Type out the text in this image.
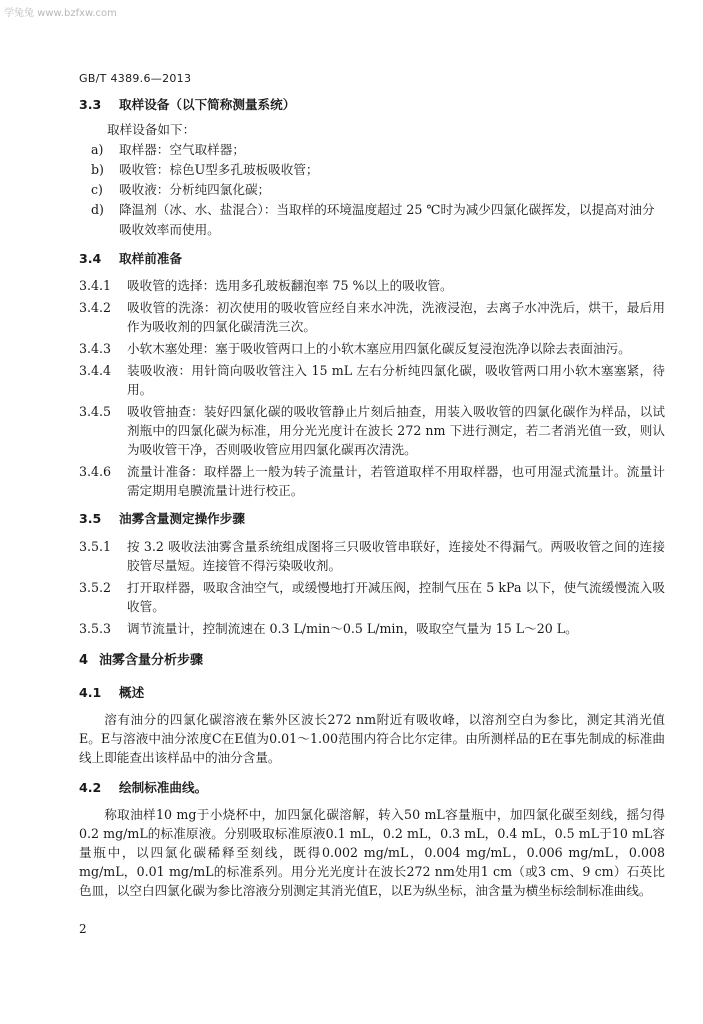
学兔兔 www.bzfxw.com
GB/T 4389.6—2013
3.3 取样设备（以下简称测量系统）
取样设备如下：
a)	取样器：空气取样器；
b)	吸收管：棕色U型多孔玻板吸收管；
c)	吸收液：分析纯四氯化碳；
d)	降温剂（冰、水、盐混合）：当取样的环境温度超过 25 ℃时为减少四氯化碳挥发，以提高对油分吸收效率而使用。
3.4 取样前准备
3.4.1	吸收管的选择：选用多孔玻板翻泡率 75 %以上的吸收管。
3.4.2	吸收管的洗涤：初次使用的吸收管应经自来水冲洗，洗液浸泡，去离子水冲洗后，烘干，最后用作为吸收剂的四氯化碳清洗三次。
3.4.3	小软木塞处理：塞于吸收管两口上的小软木塞应用四氯化碳反复浸泡洗净以除去表面油污。
3.4.4	装吸收液：用针筒向吸收管注入 15 mL 左右分析纯四氯化碳，吸收管两口用小软木塞塞紧，待用。
3.4.5	吸收管抽查：装好四氯化碳的吸收管静止片刻后抽查，用装入吸收管的四氯化碳作为样品，以试剂瓶中的四氯化碳为标准，用分光光度计在波长 272 nm 下进行测定，若二者消光值一致，则认为吸收管干净，否则吸收管应用四氯化碳再次清洗。
3.4.6	流量计准备：取样器上一般为转子流量计，若管道取样不用取样器，也可用湿式流量计。流量计需定期用皂膜流量计进行校正。
3.5 油雾含量测定操作步骤
3.5.1	按 3.2 吸收法油雾含量系统组成图将三只吸收管串联好，连接处不得漏气。两吸收管之间的连接胶管尽量短。连接管不得污染吸收剂。
3.5.2	打开取样器，吸取含油空气，或缓慢地打开减压阀，控制气压在 5 kPa 以下，使气流缓慢流入吸收管。
3.5.3	调节流量计，控制流速在 0.3 L/min～0.5 L/min，吸取空气量为 15 L～20 L。
4 油雾含量分析步骤
4.1 概述
溶有油分的四氯化碳溶液在紫外区波长272 nm附近有吸收峰，以溶剂空白为参比，测定其消光值E。E与溶液中油分浓度C在E值为0.01～1.00范围内符合比尔定律。由所测样品的E在事先制成的标准曲线上即能查出该样品中的油分含量。
4.2 绘制标准曲线。
称取油样10 mg于小烧杯中，加四氯化碳溶解，转入50 mL容量瓶中，加四氯化碳至刻线，摇匀得0.2 mg/mL的标准原液。分别吸取标准原液0.1 mL，0.2 mL，0.3 mL，0.4 mL，0.5 mL于10 mL容量瓶中，以四氯化碳稀释至刻线，既得0.002 mg/mL，0.004 mg/mL，0.006 mg/mL，0.008 mg/mL，0.01 mg/mL的标准系列。用分光光度计在波长272 nm处用1 cm（或3 cm、9 cm）石英比色皿，以空白四氯化碳为参比溶液分别测定其消光值E，以E为纵坐标，油含量为横坐标绘制标准曲线。
2
